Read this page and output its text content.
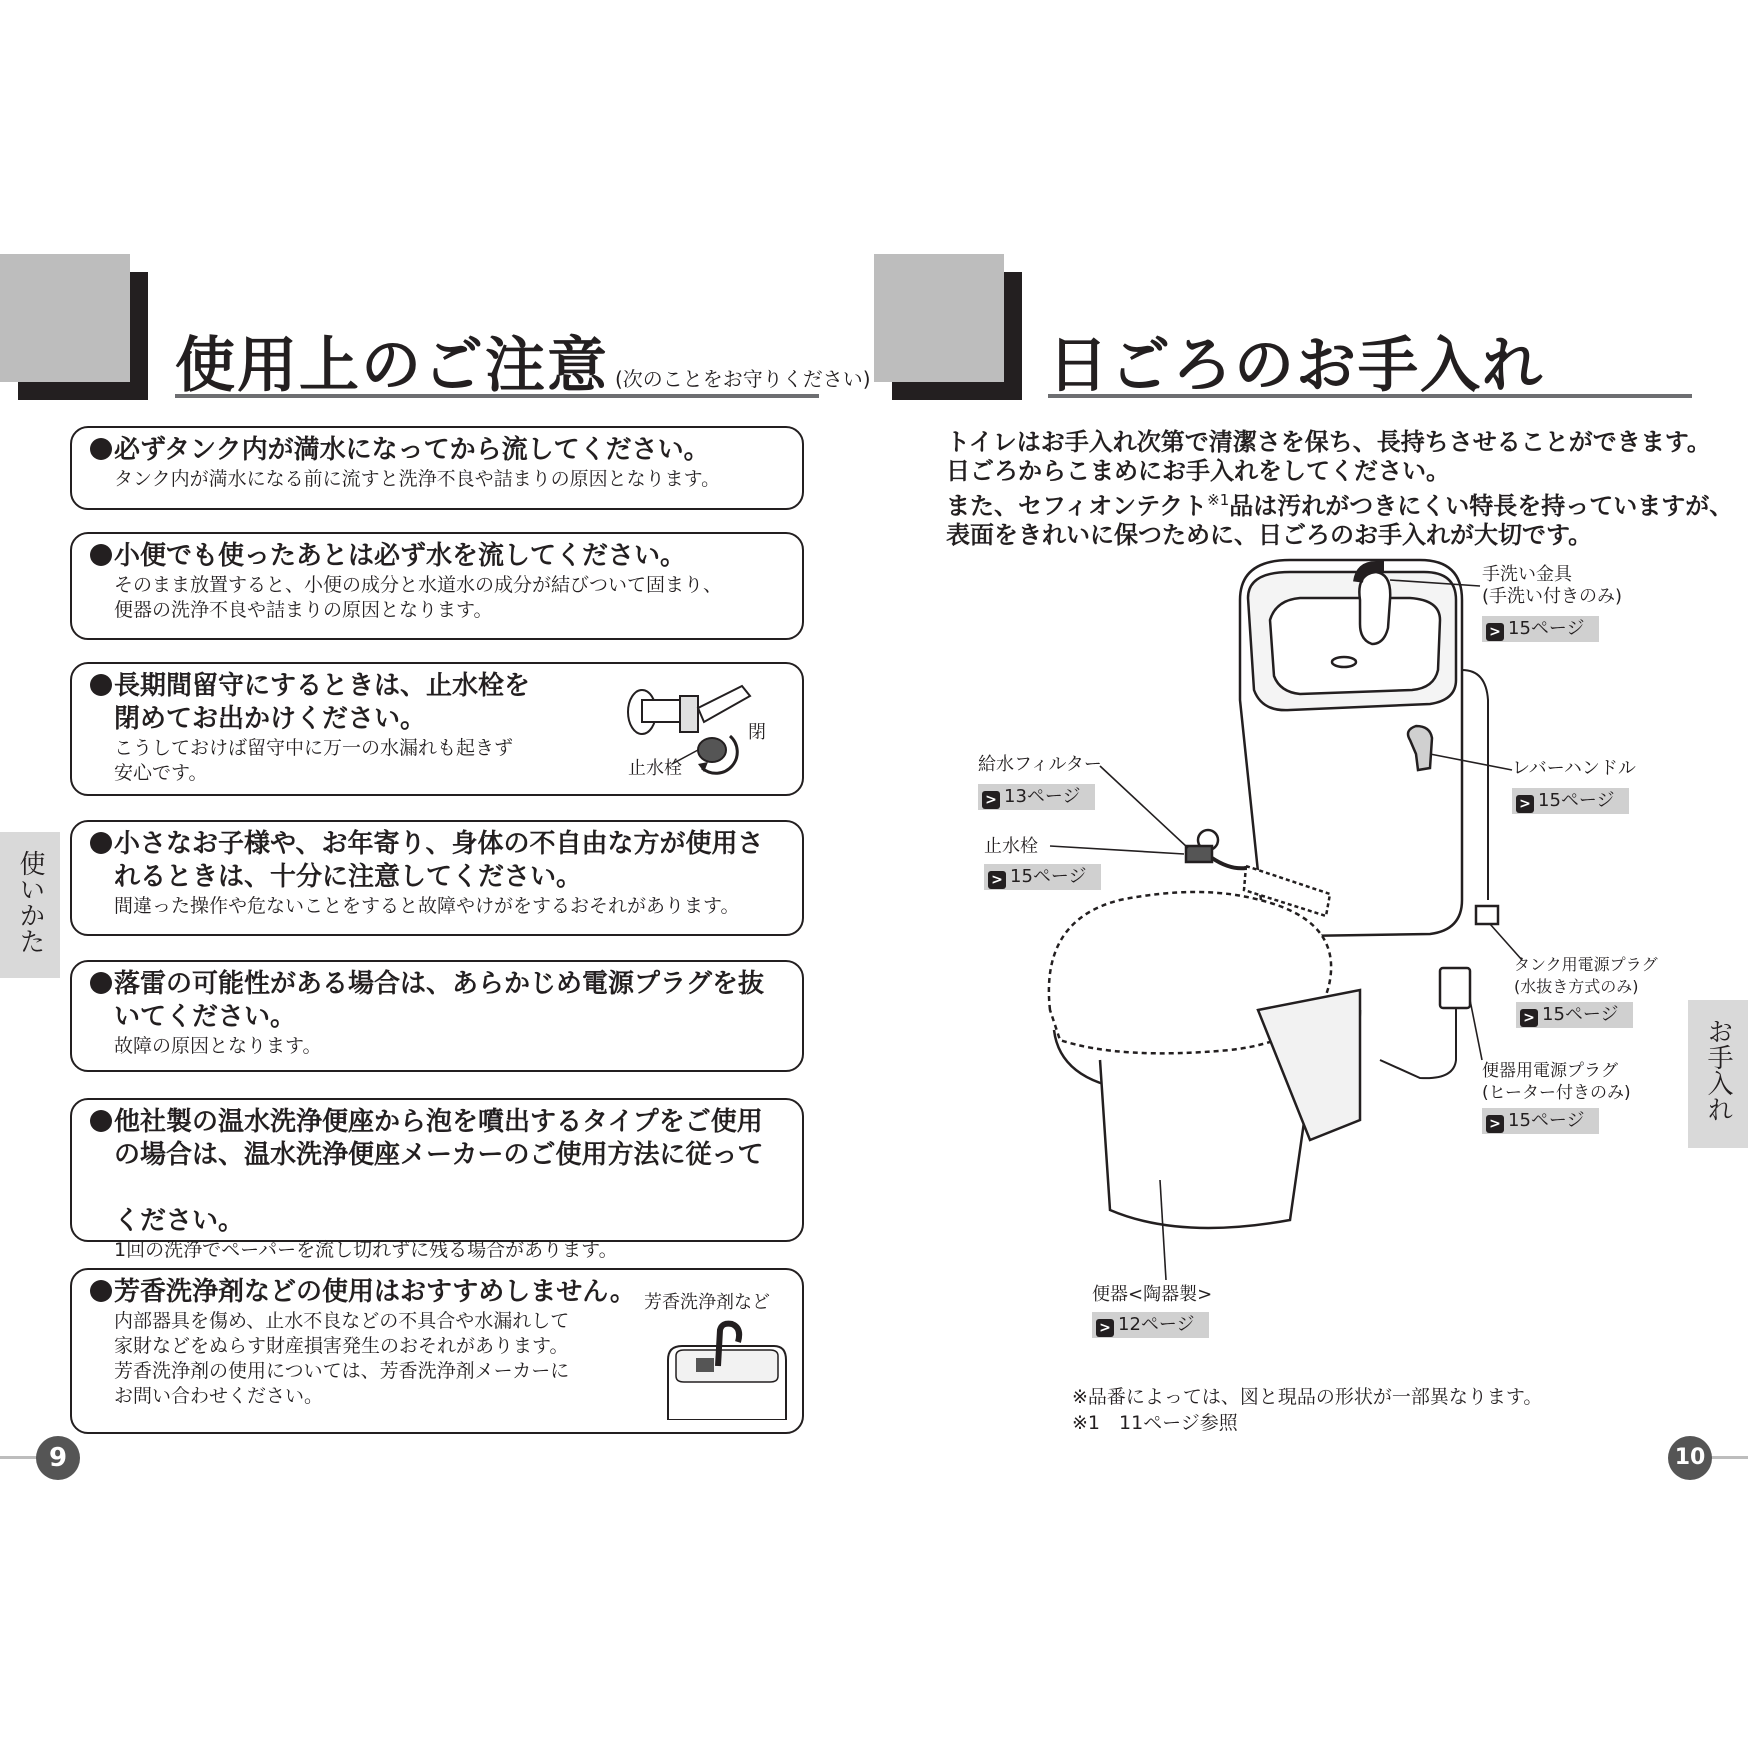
使用上のご注意 (次のことをお守りください)
必ずタンク内が満水になってから流してください。
タンク内が満水になる前に流すと洗浄不良や詰まりの原因となります。
小便でも使ったあとは必ず水を流してください。
そのまま放置すると、小便の成分と水道水の成分が結びついて固まり、
便器の洗浄不良や詰まりの原因となります。
長期間留守にするときは、止水栓を

閉めてお出かけください。
こうしておけば留守中に万一の水漏れも起きず
安心です。
閉
止水栓
小さなお子様や、お年寄り、身体の不自由な方が使用さ

れるときは、十分に注意してください。
間違った操作や危ないことをすると故障やけがをするおそれがあります。
落雷の可能性がある場合は、あらかじめ電源プラグを抜

いてください。
故障の原因となります。
他社製の温水洗浄便座から泡を噴出するタイプをご使用

の場合は、温水洗浄便座メーカーのご使用方法に従って

ください。
1回の洗浄でペーパーを流し切れずに残る場合があります。
芳香洗浄剤などの使用はおすすめしません。
内部器具を傷め、止水不良などの不具合や水漏れして
家財などをぬらす財産損害発生のおそれがあります。
芳香洗浄剤の使用については、芳香洗浄剤メーカーに
お問い合わせください。
芳香洗浄剤など
使いかた
9
日ごろのお手入れ
トイレはお手入れ次第で清潔さを保ち、長持ちさせることができます。
日ごろからこまめにお手入れをしてください。
また、セフィオンテクト$^{※1}$品は汚れがつきにくい特長を持っていますが、
表面をきれいに保つために、日ごろのお手入れが大切です。
手洗い金具
(手洗い付きのみ)
> 15ページ
レバーハンドル
> 15ページ
給水フィルター
> 13ページ
止水栓
> 15ページ
タンク用電源プラグ
(水抜き方式のみ)
> 15ページ
便器用電源プラグ
(ヒーター付きのみ)
> 15ページ
便器<陶器製>
> 12ページ
※品番によっては、図と現品の形状が一部異なります。
※1　11ページ参照
お手入れ
10
